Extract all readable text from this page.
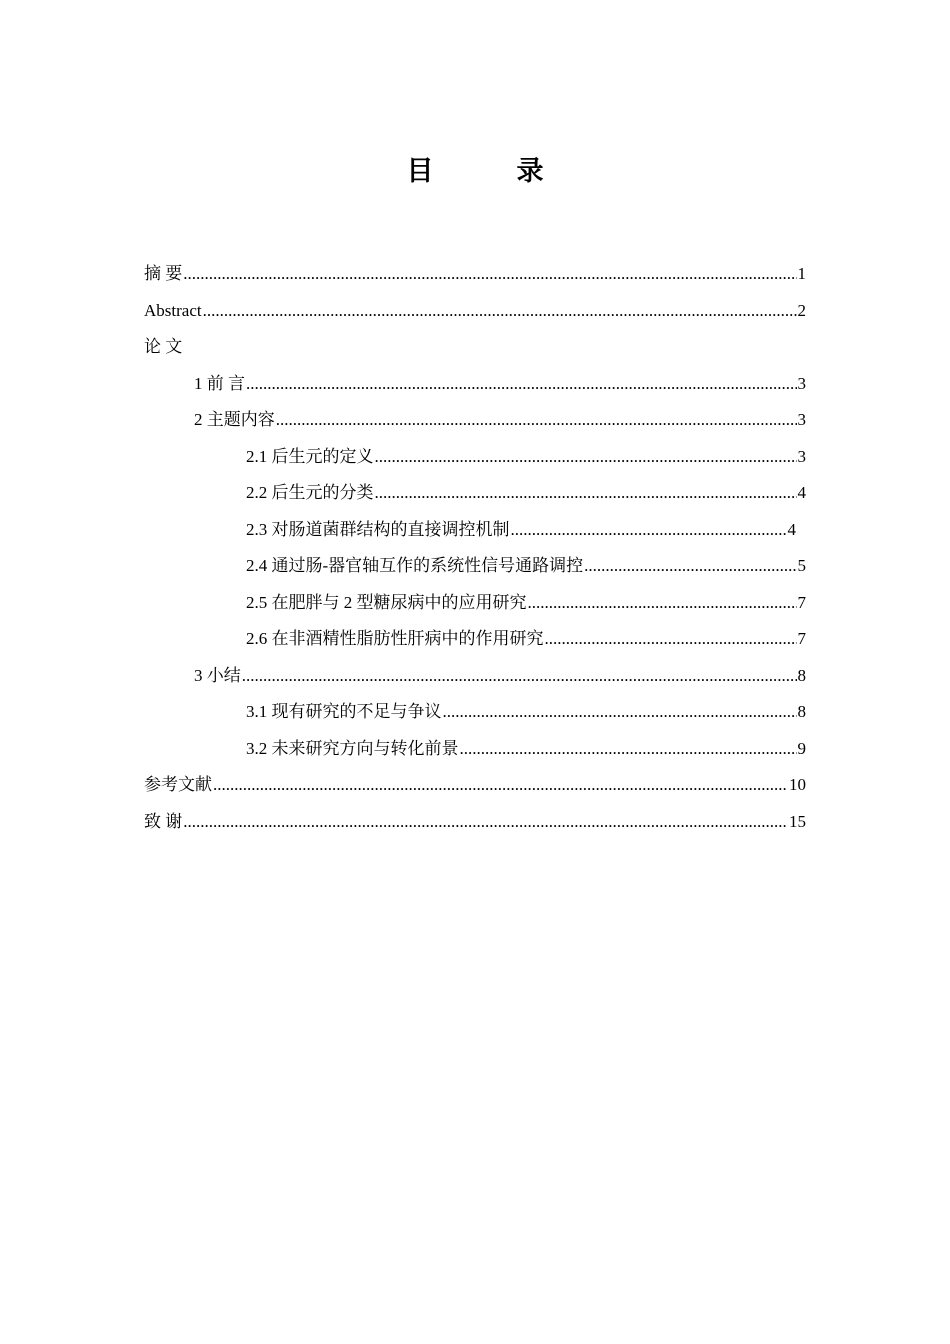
目　录
摘 要 .....	1
Abstract .....	2
论 文
1 前 言 .....	3
2 主题内容 .....	3
2.1 后生元的定义 .....	3
2.2 后生元的分类 .....	4
2.3 对肠道菌群结构的直接调控机制 .....	4
2.4 通过肠-器官轴互作的系统性信号通路调控 .....	5
2.5 在肥胖与 2 型糖尿病中的应用研究 .....	7
2.6 在非酒精性脂肪性肝病中的作用研究 .....	7
3 小结 .....	8
3.1 现有研究的不足与争议 .....	8
3.2 未来研究方向与转化前景 .....	9
参考文献 .....	10
致 谢 .....	15
